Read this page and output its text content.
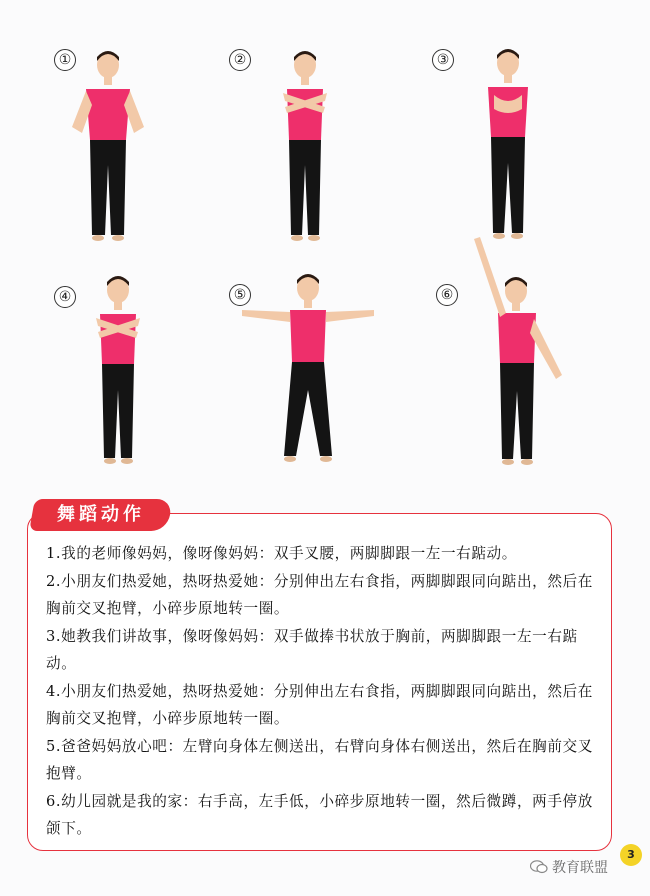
①	②	③
④	⑤	⑥
舞蹈动作

1.我的老师像妈妈，像呀像妈妈：双手叉腰，两脚脚跟一左一右踮动。

2.小朋友们热爱她，热呀热爱她：分别伸出左右食指，两脚脚跟同向踮出，然后在胸前交叉抱臂，小碎步原地转一圈。

3.她教我们讲故事，像呀像妈妈：双手做捧书状放于胸前，两脚脚跟一左一右踮动。

4.小朋友们热爱她，热呀热爱她：分别伸出左右食指，两脚脚跟同向踮出，然后在胸前交叉抱臂，小碎步原地转一圈。

5.爸爸妈妈放心吧：左臂向身体左侧送出，右臂向身体右侧送出，然后在胸前交叉抱臂。

6.幼儿园就是我的家：右手高，左手低，小碎步原地转一圈，然后微蹲，两手停放颌下。

3
教育联盟
